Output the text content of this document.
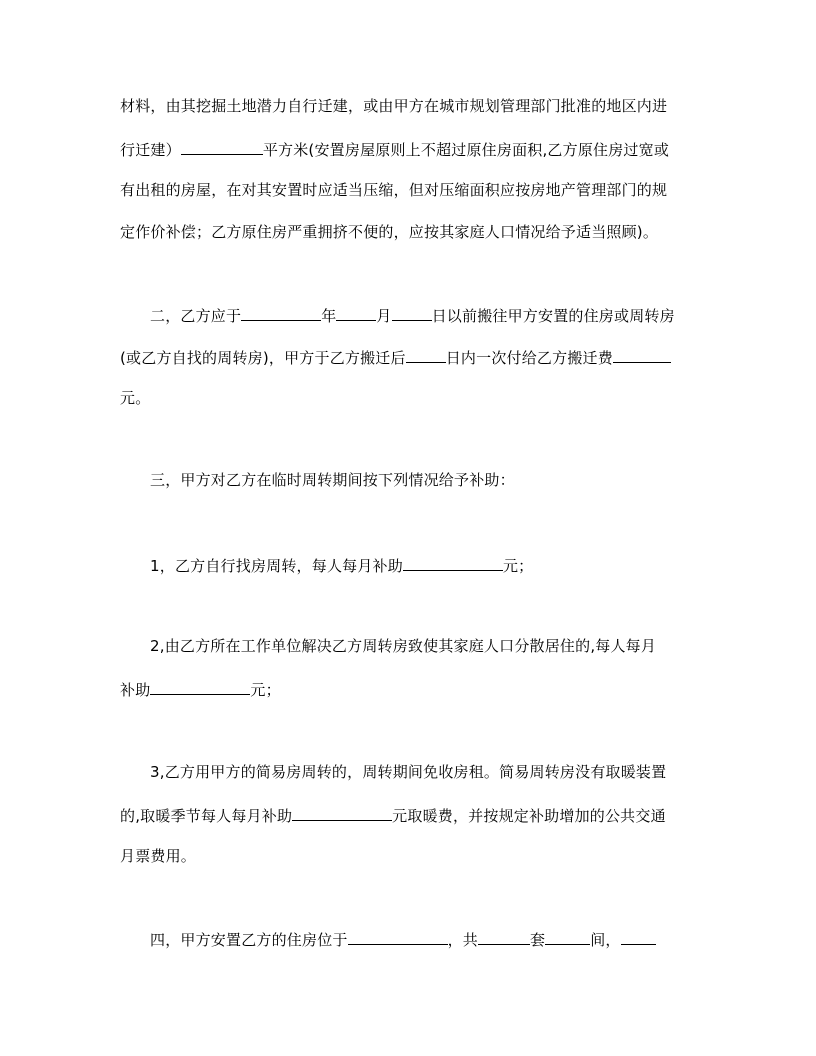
材料，由其挖掘土地潜力自行迁建，或由甲方在城市规划管理部门批准的地区内进
行迁建）	平方米(安置房屋原则上不超过原住房面积,乙方原住房过宽或
有出租的房屋，在对其安置时应适当压缩，但对压缩面积应按房地产管理部门的规
定作价补偿；乙方原住房严重拥挤不便的，应按其家庭人口情况给予适当照顾)。
二，乙方应于	年	月	日以前搬往甲方安置的住房或周转房
(或乙方自找的周转房)，甲方于乙方搬迁后	日内一次付给乙方搬迁费
元。
三，甲方对乙方在临时周转期间按下列情况给予补助：
1，乙方自行找房周转，每人每月补助	元；
2,由乙方所在工作单位解决乙方周转房致使其家庭人口分散居住的,每人每月
补助	元；
3,乙方用甲方的简易房周转的，周转期间免收房租。简易周转房没有取暖装置
的,取暖季节每人每月补助	元取暖费，并按规定补助增加的公共交通
月票费用。
四，甲方安置乙方的住房位于	，共	套	间，
